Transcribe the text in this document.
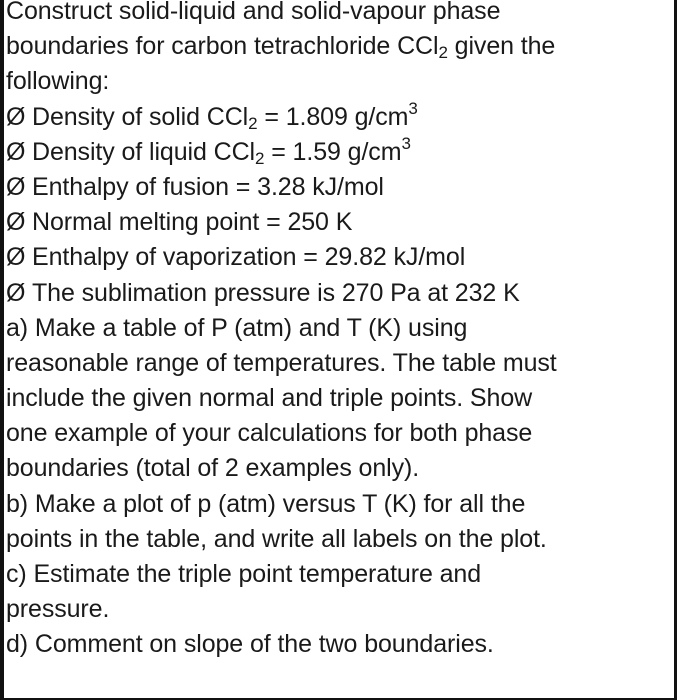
Construct solid-liquid and solid-vapour phase
boundaries for carbon tetrachloride CCl$_2$ given the
following:
Ø Density of solid CCl$_2$ = 1.809 $g/cm^3$
Ø Density of liquid CCl$_2$ = 1.59 $g/cm^3$
Ø Enthalpy of fusion = 3.28 kJ/mol
Ø Normal melting point = 250 K
Ø Enthalpy of vaporization = 29.82 kJ/mol
Ø The sublimation pressure is 270 Pa at 232 K
a) Make a table of P (atm) and T (K) using
reasonable range of temperatures. The table must
include the given normal and triple points. Show
one example of your calculations for both phase
boundaries (total of 2 examples only).
b) Make a plot of p (atm) versus T (K) for all the
points in the table, and write all labels on the plot.
c) Estimate the triple point temperature and
pressure.
d) Comment on slope of the two boundaries.
